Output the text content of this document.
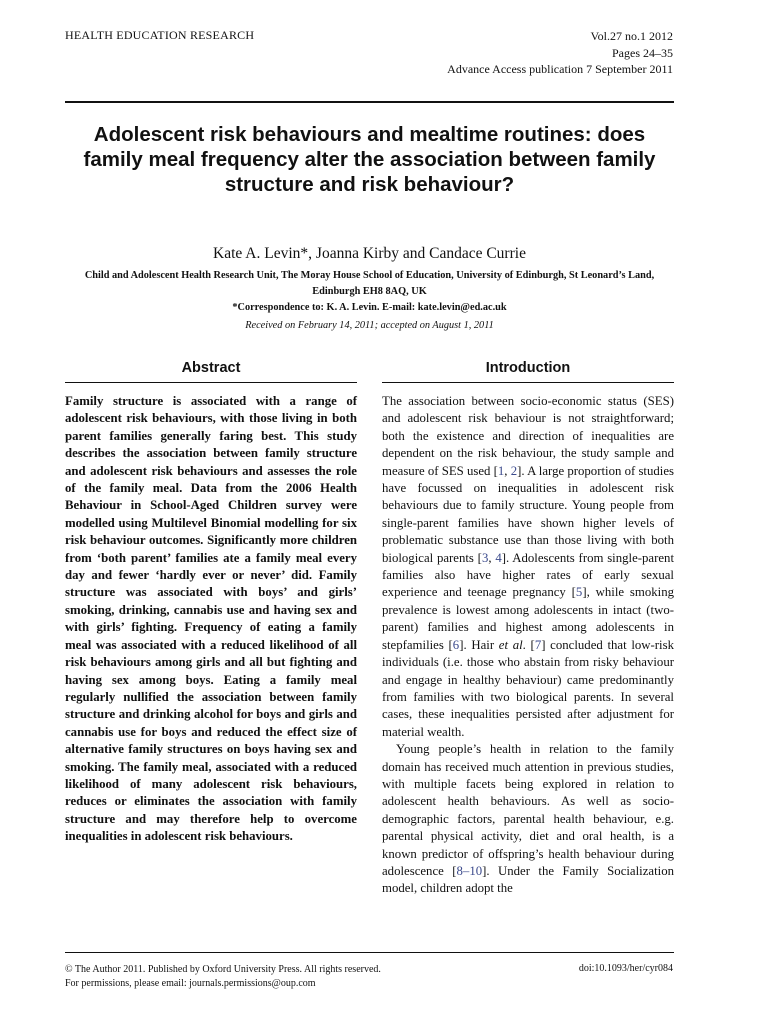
HEALTH EDUCATION RESEARCH	Vol.27 no.1 2012
Pages 24–35
Advance Access publication 7 September 2011
Adolescent risk behaviours and mealtime routines: does family meal frequency alter the association between family structure and risk behaviour?
Kate A. Levin*, Joanna Kirby and Candace Currie
Child and Adolescent Health Research Unit, The Moray House School of Education, University of Edinburgh, St Leonard’s Land, Edinburgh EH8 8AQ, UK
*Correspondence to: K. A. Levin. E-mail: kate.levin@ed.ac.uk
Received on February 14, 2011; accepted on August 1, 2011
Abstract

Family structure is associated with a range of adolescent risk behaviours, with those living in both parent families generally faring best. This study describes the association between family structure and adolescent risk behaviours and assesses the role of the family meal. Data from the 2006 Health Behaviour in School-Aged Children survey were modelled using Multilevel Binomial modelling for six risk behaviour outcomes. Significantly more children from ‘both parent’ families ate a family meal every day and fewer ‘hardly ever or never’ did. Family structure was associated with boys’ and girls’ smoking, drinking, cannabis use and having sex and with girls’ fighting. Frequency of eating a family meal was associated with a reduced likelihood of all risk behaviours among girls and all but fighting and having sex among boys. Eating a family meal regularly nullified the association between family structure and drinking alcohol for boys and girls and cannabis use for boys and reduced the effect size of alternative family structures on boys having sex and smoking. The family meal, associated with a reduced likelihood of many adolescent risk behaviours, reduces or eliminates the association with family structure and may therefore help to overcome inequalities in adolescent risk behaviours.

Introduction

The association between socio-economic status (SES) and adolescent risk behaviour is not straightforward; both the existence and direction of inequalities are dependent on the risk behaviour, the study sample and measure of SES used [1, 2]. A large proportion of studies have focussed on inequalities in adolescent risk behaviours due to family structure. Young people from single-parent families have shown higher levels of problematic substance use than those living with both biological parents [3, 4]. Adolescents from single-parent families also have higher rates of early sexual experience and teenage pregnancy [5], while smoking prevalence is lowest among adolescents in intact (two-parent) families and highest among adolescents in stepfamilies [6]. Hair et al. [7] concluded that low-risk individuals (i.e. those who abstain from risky behaviour and engage in healthy behaviour) came predominantly from families with two biological parents. In several cases, these inequalities persisted after adjustment for material wealth.

Young people’s health in relation to the family domain has received much attention in previous studies, with multiple facets being explored in relation to adolescent health behaviours. As well as socio-demographic factors, parental health behaviour, e.g. parental physical activity, diet and oral health, is a known predictor of offspring’s health behaviour during adolescence [8–10]. Under the Family Socialization model, children adopt the

© The Author 2011. Published by Oxford University Press. All rights reserved.
For permissions, please email: journals.permissions@oup.com
doi:10.1093/her/cyr084
